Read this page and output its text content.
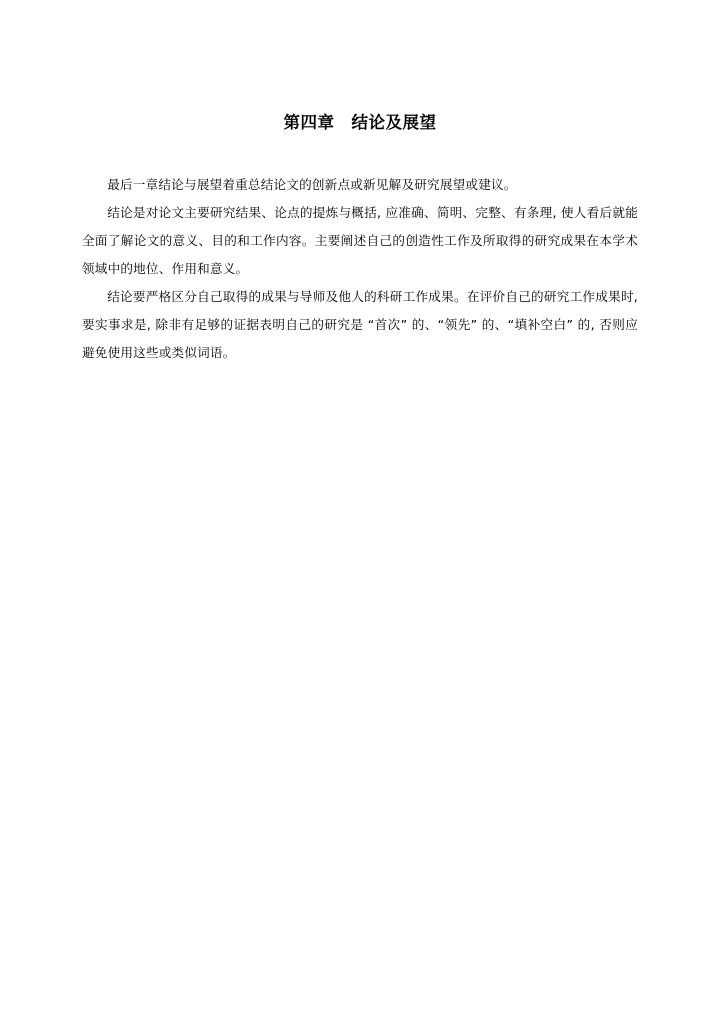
第四章　结论及展望

最后一章结论与展望着重总结论文的创新点或新见解及研究展望或建议。

结论是对论文主要研究结果、论点的提炼与概括, 应准确、简明、完整、有条理, 使人看后就能全面了解论文的意义、目的和工作内容。主要阐述自己的创造性工作及所取得的研究成果在本学术领域中的地位、作用和意义。

结论要严格区分自己取得的成果与导师及他人的科研工作成果。在评价自己的研究工作成果时, 要实事求是, 除非有足够的证据表明自己的研究是 “首次” 的、“领先” 的、“填补空白” 的, 否则应避免使用这些或类似词语。
